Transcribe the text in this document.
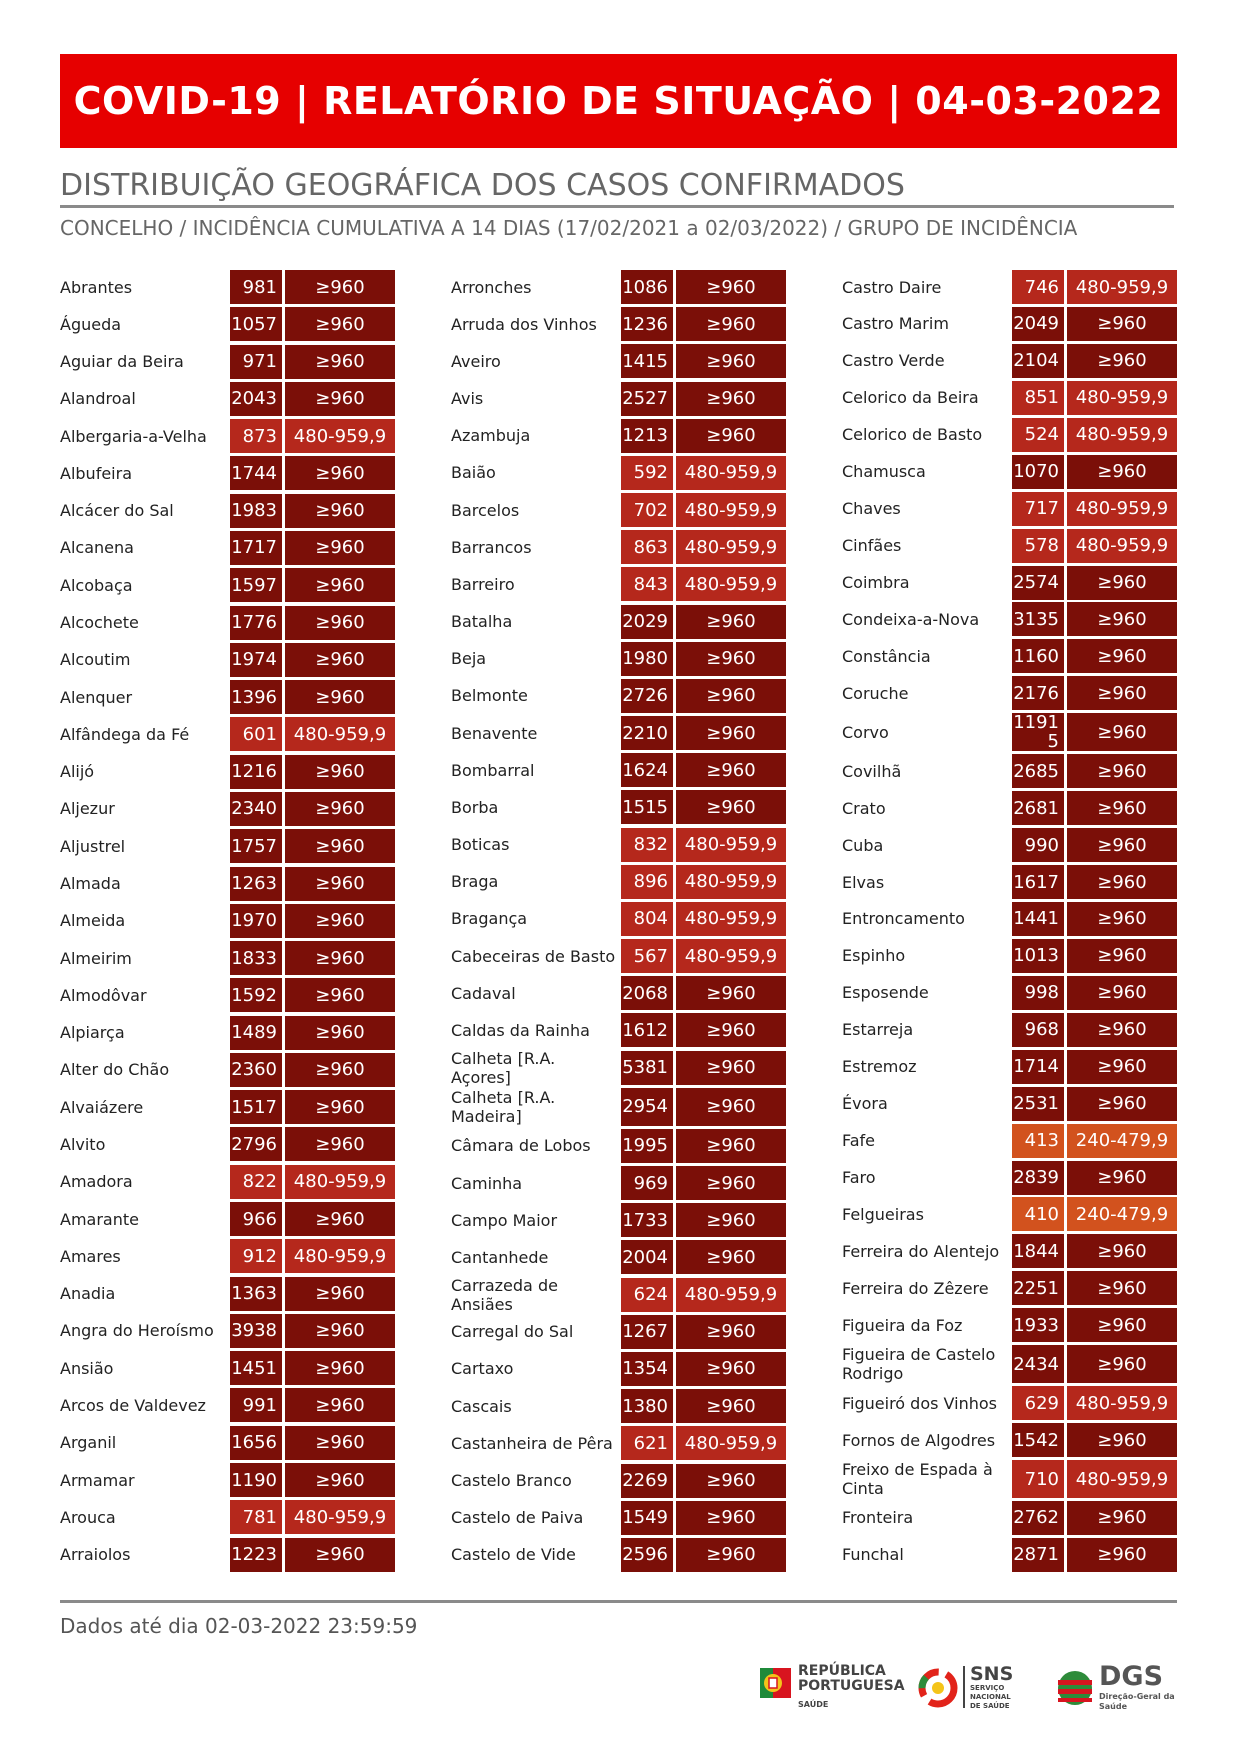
COVID-19 | RELATÓRIO DE SITUAÇÃO | 04-03-2022
DISTRIBUIÇÃO GEOGRÁFICA DOS CASOS CONFIRMADOS
CONCELHO / INCIDÊNCIA CUMULATIVA A 14 DIAS (17/02/2021 a 02/03/2022) / GRUPO DE INCIDÊNCIA
Abrantes	981	≥960
Águeda	1057	≥960
Aguiar da Beira	971	≥960
Alandroal	2043	≥960
Albergaria-a-Velha	873 480-959,9
Albufeira	1744	≥960
Alcácer do Sal	1983	≥960
Alcanena	1717	≥960
Alcobaça	1597	≥960
Alcochete	1776	≥960
Alcoutim	1974	≥960
Alenquer	1396	≥960
Alfândega da Fé	601 480-959,9
Alijó	1216	≥960
Aljezur	2340	≥960
Aljustrel	1757	≥960
Almada	1263	≥960
Almeida	1970	≥960
Almeirim	1833	≥960
Almodôvar	1592	≥960
Alpiarça	1489	≥960
Alter do Chão	2360	≥960
Alvaiázere	1517	≥960
Alvito	2796	≥960
Amadora	822 480-959,9
Amarante	966	≥960
Amares	912 480-959,9
Anadia	1363	≥960
Angra do Heroísmo 3938	≥960
Ansião	1451	≥960
Arcos de Valdevez	991	≥960
Arganil	1656	≥960
Armamar	1190	≥960
Arouca	781 480-959,9
Arraiolos	1223	≥960
Arronches	1086	≥960
Arruda dos Vinhos	1236	≥960
Aveiro	1415	≥960
Avis	2527	≥960
Azambuja	1213	≥960
Baião	592 480-959,9
Barcelos	702 480-959,9
Barrancos	863 480-959,9
Barreiro	843 480-959,9
Batalha	2029	≥960
Beja	1980	≥960
Belmonte	2726	≥960
Benavente	2210	≥960
Bombarral	1624	≥960
Borba	1515	≥960
Boticas	832 480-959,9
Braga	896 480-959,9
Bragança	804 480-959,9
Cabeceiras de Basto	567 480-959,9
Cadaval	2068	≥960
Caldas da Rainha	1612	≥960
Calheta [R.A. Açores]	5381	≥960
Calheta [R.A. Madeira]	2954	≥960
Câmara de Lobos	1995	≥960
Caminha	969	≥960
Campo Maior	1733	≥960
Cantanhede	2004	≥960
Carrazeda de Ansiães	624 480-959,9
Carregal do Sal	1267	≥960
Cartaxo	1354	≥960
Cascais	1380	≥960
Castanheira de Pêra	621 480-959,9
Castelo Branco	2269	≥960
Castelo de Paiva	1549	≥960
Castelo de Vide	2596	≥960
Castro Daire	746 480-959,9
Castro Marim	2049	≥960
Castro Verde	2104	≥960
Celorico da Beira	851 480-959,9
Celorico de Basto	524 480-959,9
Chamusca	1070	≥960
Chaves	717 480-959,9
Cinfães	578 480-959,9
Coimbra	2574	≥960
Condeixa-a-Nova	3135	≥960
Constância	1160	≥960
Coruche	2176	≥960
Corvo	11915	≥960
Covilhã	2685	≥960
Crato	2681	≥960
Cuba	990	≥960
Elvas	1617	≥960
Entroncamento	1441	≥960
Espinho	1013	≥960
Esposende	998	≥960
Estarreja	968	≥960
Estremoz	1714	≥960
Évora	2531	≥960
Fafe	413 240-479,9
Faro	2839	≥960
Felgueiras	410 240-479,9
Ferreira do Alentejo 1844	≥960
Ferreira do Zêzere	2251	≥960
Figueira da Foz	1933	≥960
Figueira de Castelo Rodrigo	2434	≥960
Figueiró dos Vinhos	629 480-959,9
Fornos de Algodres	1542	≥960
Freixo de Espada à Cinta	710 480-959,9
Fronteira	2762	≥960
Funchal	2871	≥960
Dados até dia 02-03-2022 23:59:59
REPÚBLICA
PORTUGUESA
SAÚDE
SNS
SERVIÇO NACIONAL
DE SAÚDE
DGS
Direção-Geral da Saúde
